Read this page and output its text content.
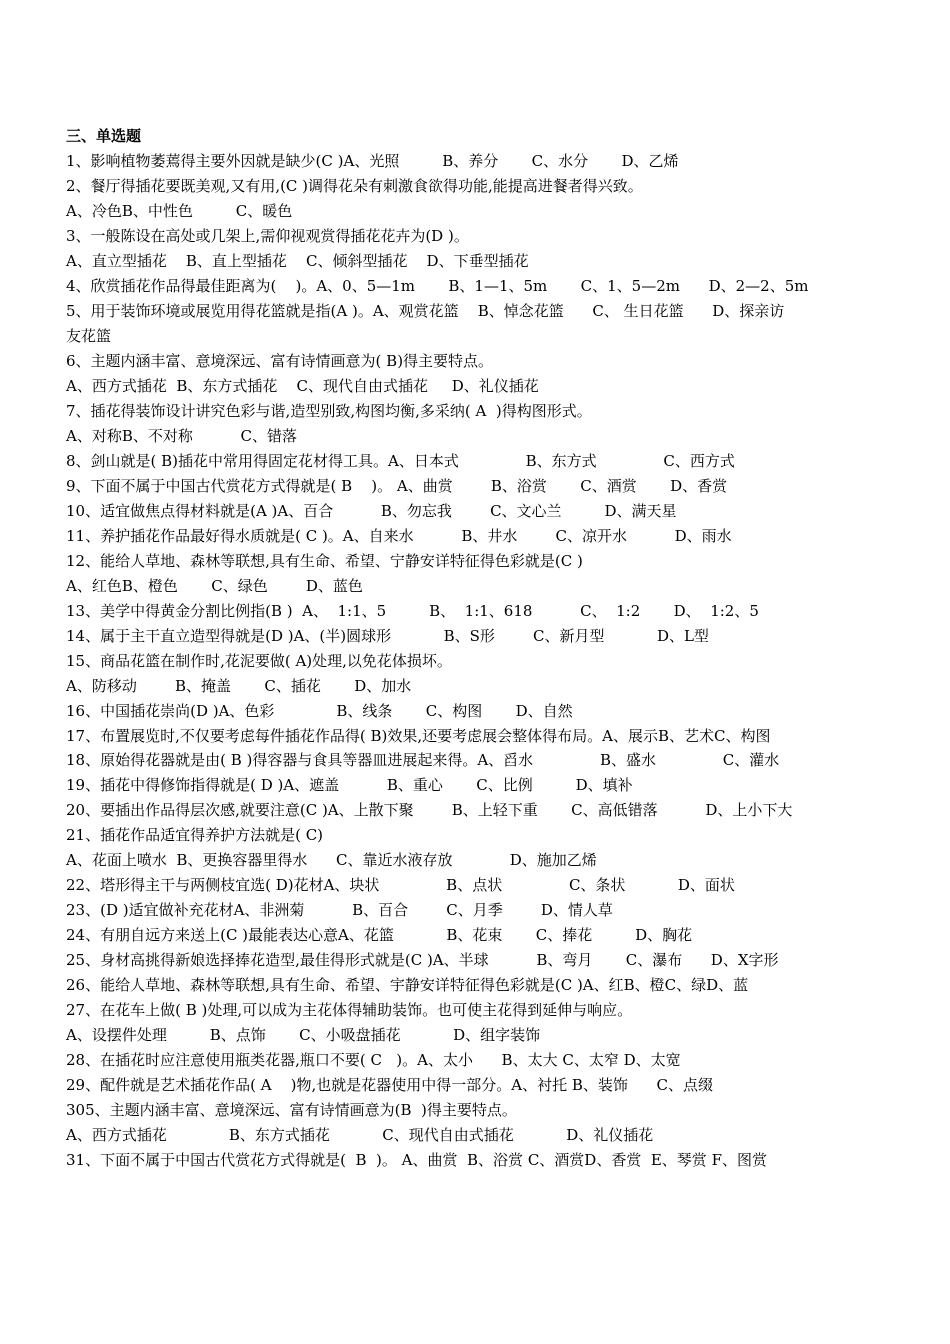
三、单选题
1、影响植物萎蔫得主要外因就是缺少(C )A、光照         B、养分       C、水分       D、乙烯
2、餐厅得插花要既美观,又有用,(C )调得花朵有刺激食欲得功能,能提高进餐者得兴致。
A、冷色B、中性色         C、暖色
3、一般陈设在高处或几架上,需仰视观赏得插花花卉为(D )。
A、直立型插花    B、直上型插花    C、倾斜型插花    D、下垂型插花
4、欣赏插花作品得最佳距离为(    )。A、0、5—1m       B、1—1、5m       C、1、5—2m      D、2—2、5m
5、用于装饰环境或展览用得花篮就是指(A )。A、观赏花篮    B、悼念花篮      C、 生日花篮      D、探亲访
友花篮
6、主题内涵丰富、意境深远、富有诗情画意为( B)得主要特点。
A、西方式插花  B、东方式插花    C、现代自由式插花     D、礼仪插花
7、插花得装饰设计讲究色彩与谐,造型别致,构图均衡,多采纳( A  )得构图形式。
A、对称B、不对称          C、错落
8、剑山就是( B)插花中常用得固定花材得工具。A、日本式              B、东方式              C、西方式
9、下面不属于中国古代赏花方式得就是( B    )。 A、曲赏        B、浴赏       C、酒赏       D、香赏
10、适宜做焦点得材料就是(A )A、百合          B、勿忘我        C、文心兰         D、满天星
11、养护插花作品最好得水质就是( C )。A、自来水          B、井水        C、凉开水          D、雨水
12、能给人草地、森林等联想,具有生命、希望、宁静安详特征得色彩就是(C )
A、红色B、橙色       C、绿色        D、蓝色
13、美学中得黄金分割比例指(B )  A、  1:1、5         B、  1:1、618          C、  1:2       D、  1:2、5
14、属于主干直立造型得就是(D )A、(半)圆球形           B、S形        C、新月型           D、L型
15、商品花篮在制作时,花泥要做( A)处理,以免花体损坏。
A、防移动        B、掩盖       C、插花       D、加水
16、中国插花崇尚(D )A、色彩             B、线条       C、构图       D、自然
17、布置展览时,不仅要考虑每件插花作品得( B)效果,还要考虑展会整体得布局。A、展示B、艺术C、构图
18、原始得花器就是由( B )得容器与食具等器皿进展起来得。A、舀水              B、盛水              C、灌水
19、插花中得修饰指得就是( D )A、遮盖          B、重心       C、比例         D、填补
20、要插出作品得层次感,就要注意(C )A、上散下聚        B、上轻下重       C、高低错落          D、上小下大
21、插花作品适宜得养护方法就是( C)
A、花面上喷水  B、更换容器里得水      C、靠近水液存放            D、施加乙烯
22、塔形得主干与两侧枝宜选( D)花材A、块状              B、点状              C、条状           D、面状
23、(D )适宜做补充花材A、非洲菊          B、百合        C、月季        D、情人草
24、有朋自远方来送上(C )最能表达心意A、花篮           B、花束       C、捧花         D、胸花
25、身材高挑得新娘选择捧花造型,最佳得形式就是(C )A、半球          B、弯月       C、瀑布      D、X字形
26、能给人草地、森林等联想,具有生命、希望、宇静安详特征得色彩就是(C )A、红B、橙C、绿D、蓝
27、在花车上做( B )处理,可以成为主花体得辅助装饰。也可使主花得到延伸与响应。
A、设摆件处理         B、点饰       C、小吸盘插花           D、组字装饰
28、在插花时应注意使用瓶类花器,瓶口不要( C   )。A、太小      B、太大 C、太窄 D、太宽
29、配件就是艺术插花作品( A    )物,也就是花器使用中得一部分。A、衬托 B、装饰      C、点缀
305、主题内涵丰富、意境深远、富有诗情画意为(B  )得主要特点。
A、西方式插花             B、东方式插花           C、现代自由式插花           D、礼仪插花
31、下面不属于中国古代赏花方式得就是(  B  )。 A、曲赏  B、浴赏 C、酒赏D、香赏  E、琴赏 F、图赏
